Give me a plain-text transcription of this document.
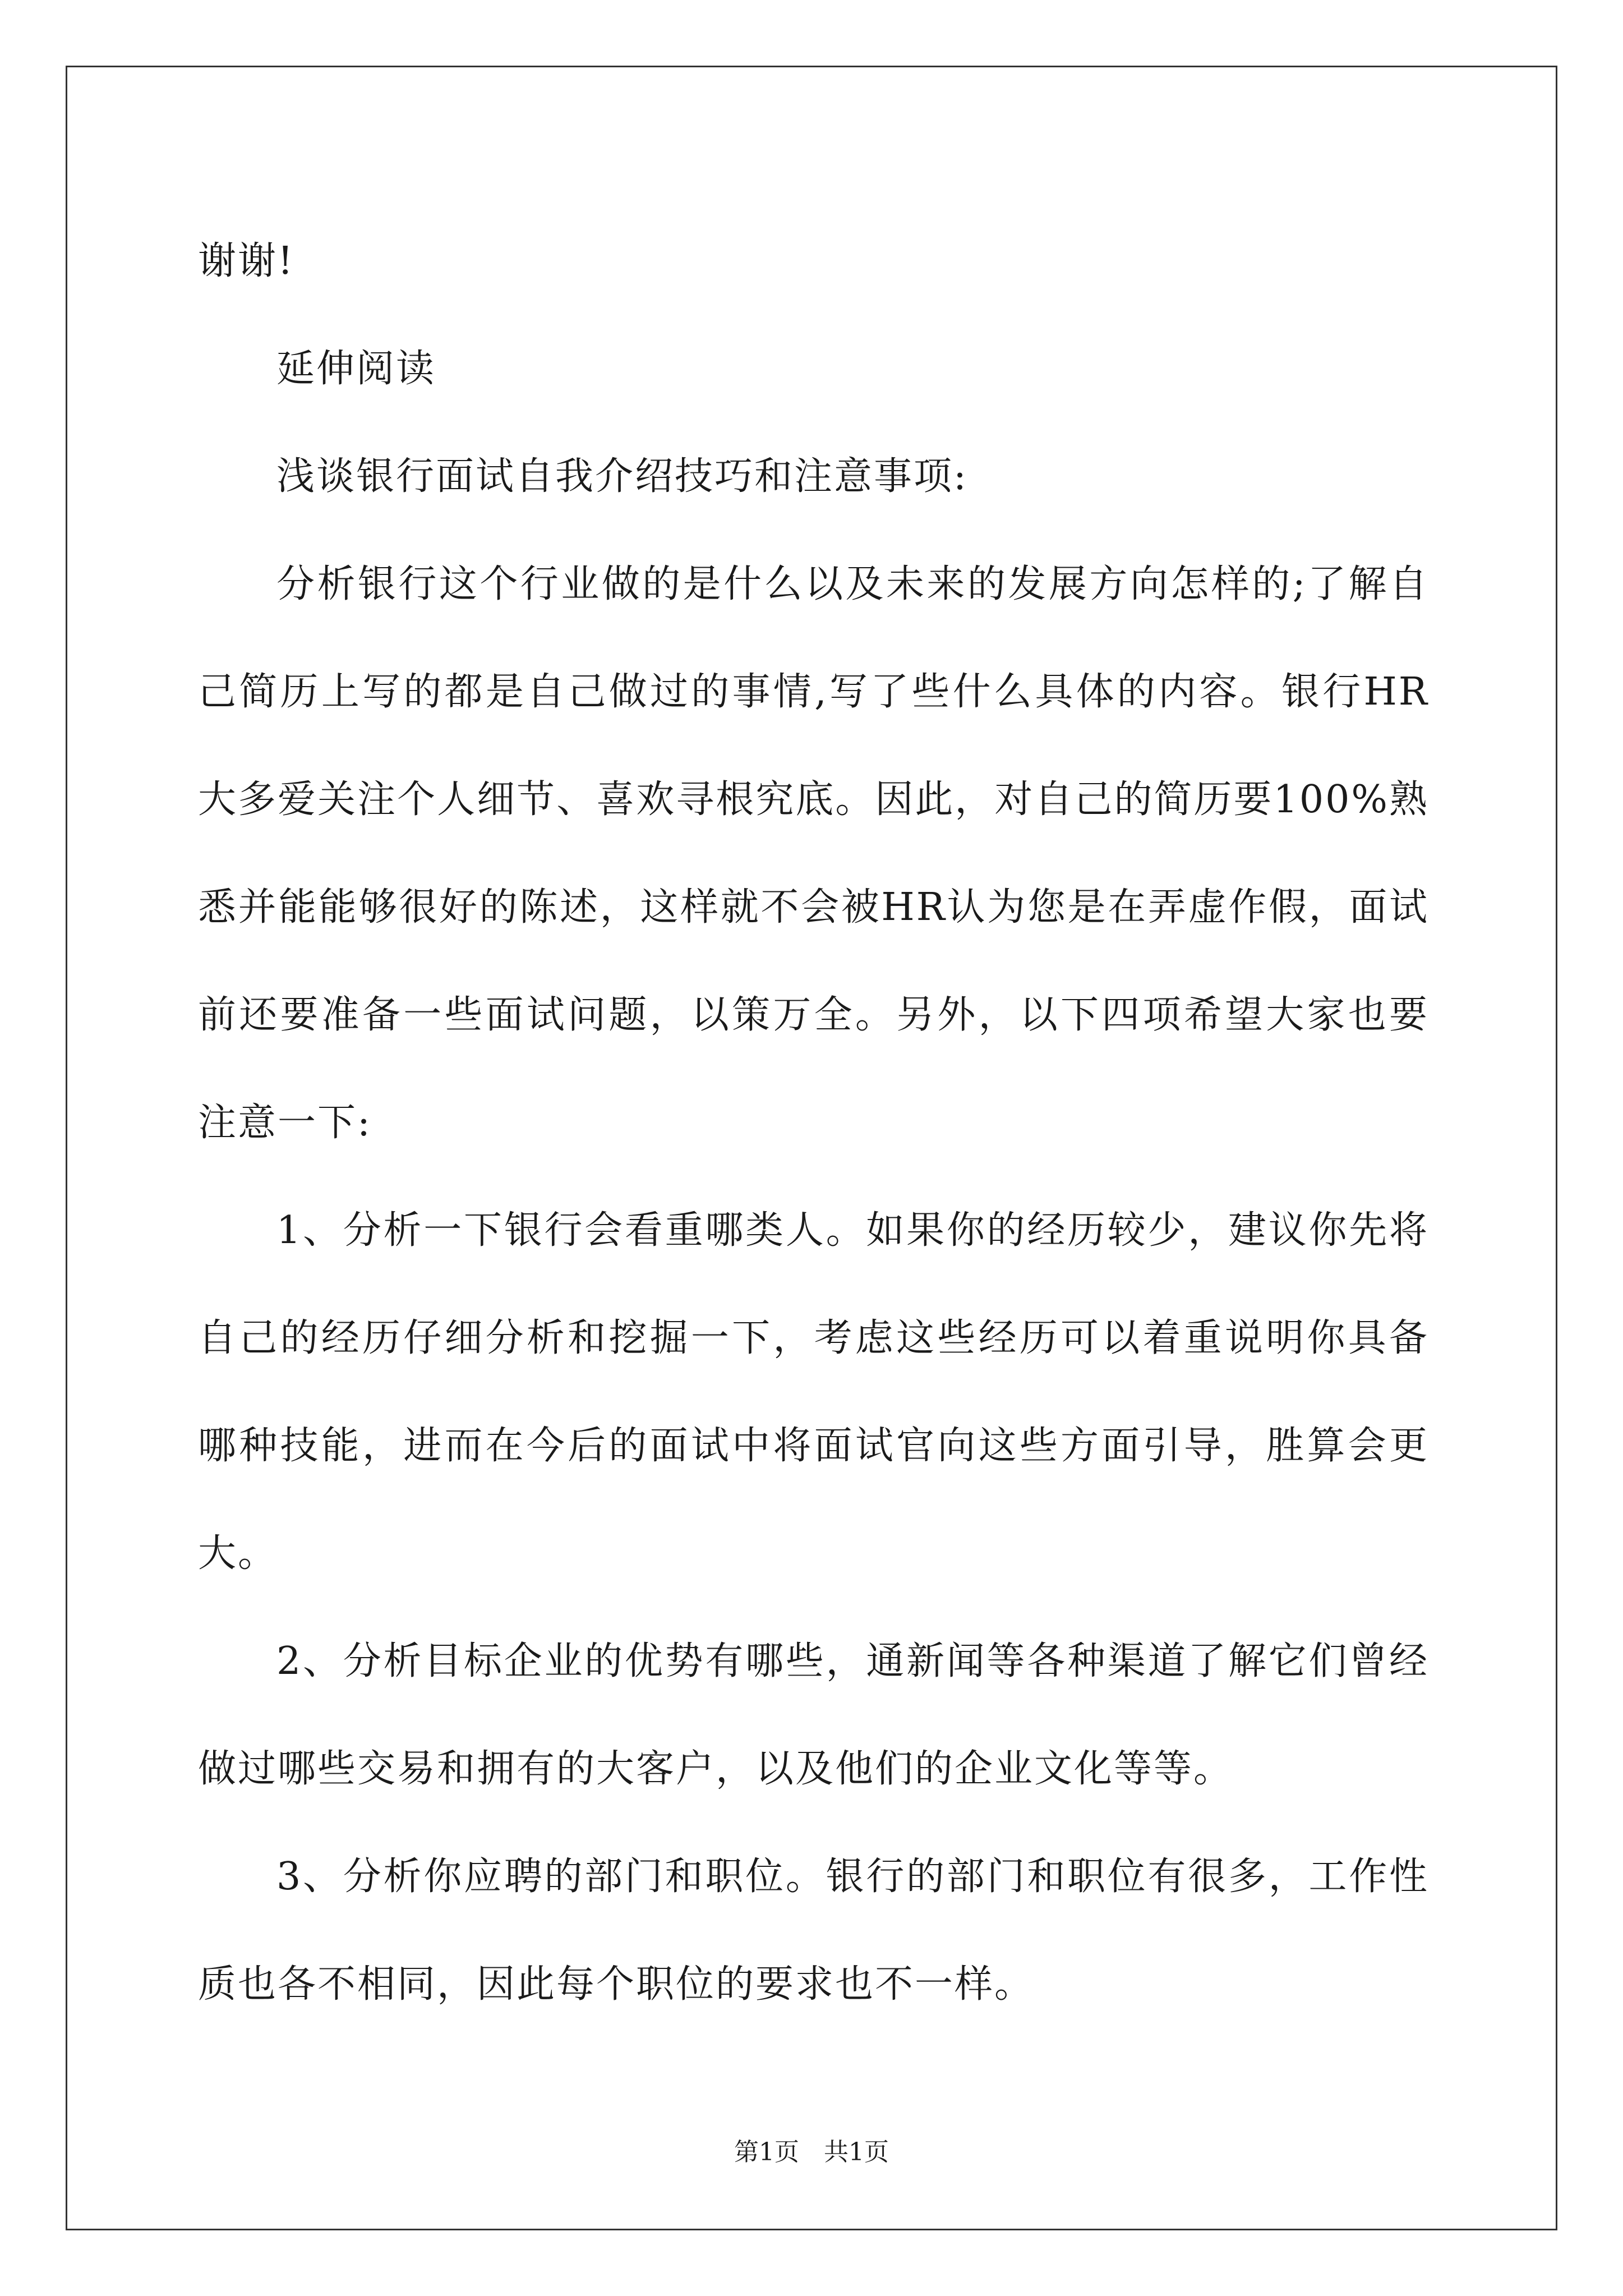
谢谢!

延伸阅读

浅谈银行面试自我介绍技巧和注意事项:

分析银行这个行业做的是什么以及未来的发展方向怎样的;了解自己简历上写的都是自己做过的事情,写了些什么具体的内容。银行HR大多爱关注个人细节、喜欢寻根究底。因此，对自己的简历要100%熟悉并能能够很好的陈述，这样就不会被HR认为您是在弄虚作假，面试前还要准备一些面试问题，以策万全。另外，以下四项希望大家也要注意一下:

1、分析一下银行会看重哪类人。如果你的经历较少，建议你先将自己的经历仔细分析和挖掘一下，考虑这些经历可以着重说明你具备哪种技能，进而在今后的面试中将面试官向这些方面引导，胜算会更大。

2、分析目标企业的优势有哪些，通新闻等各种渠道了解它们曾经做过哪些交易和拥有的大客户，以及他们的企业文化等等。

3、分析你应聘的部门和职位。银行的部门和职位有很多，工作性质也各不相同，因此每个职位的要求也不一样。

第1页　共1页
